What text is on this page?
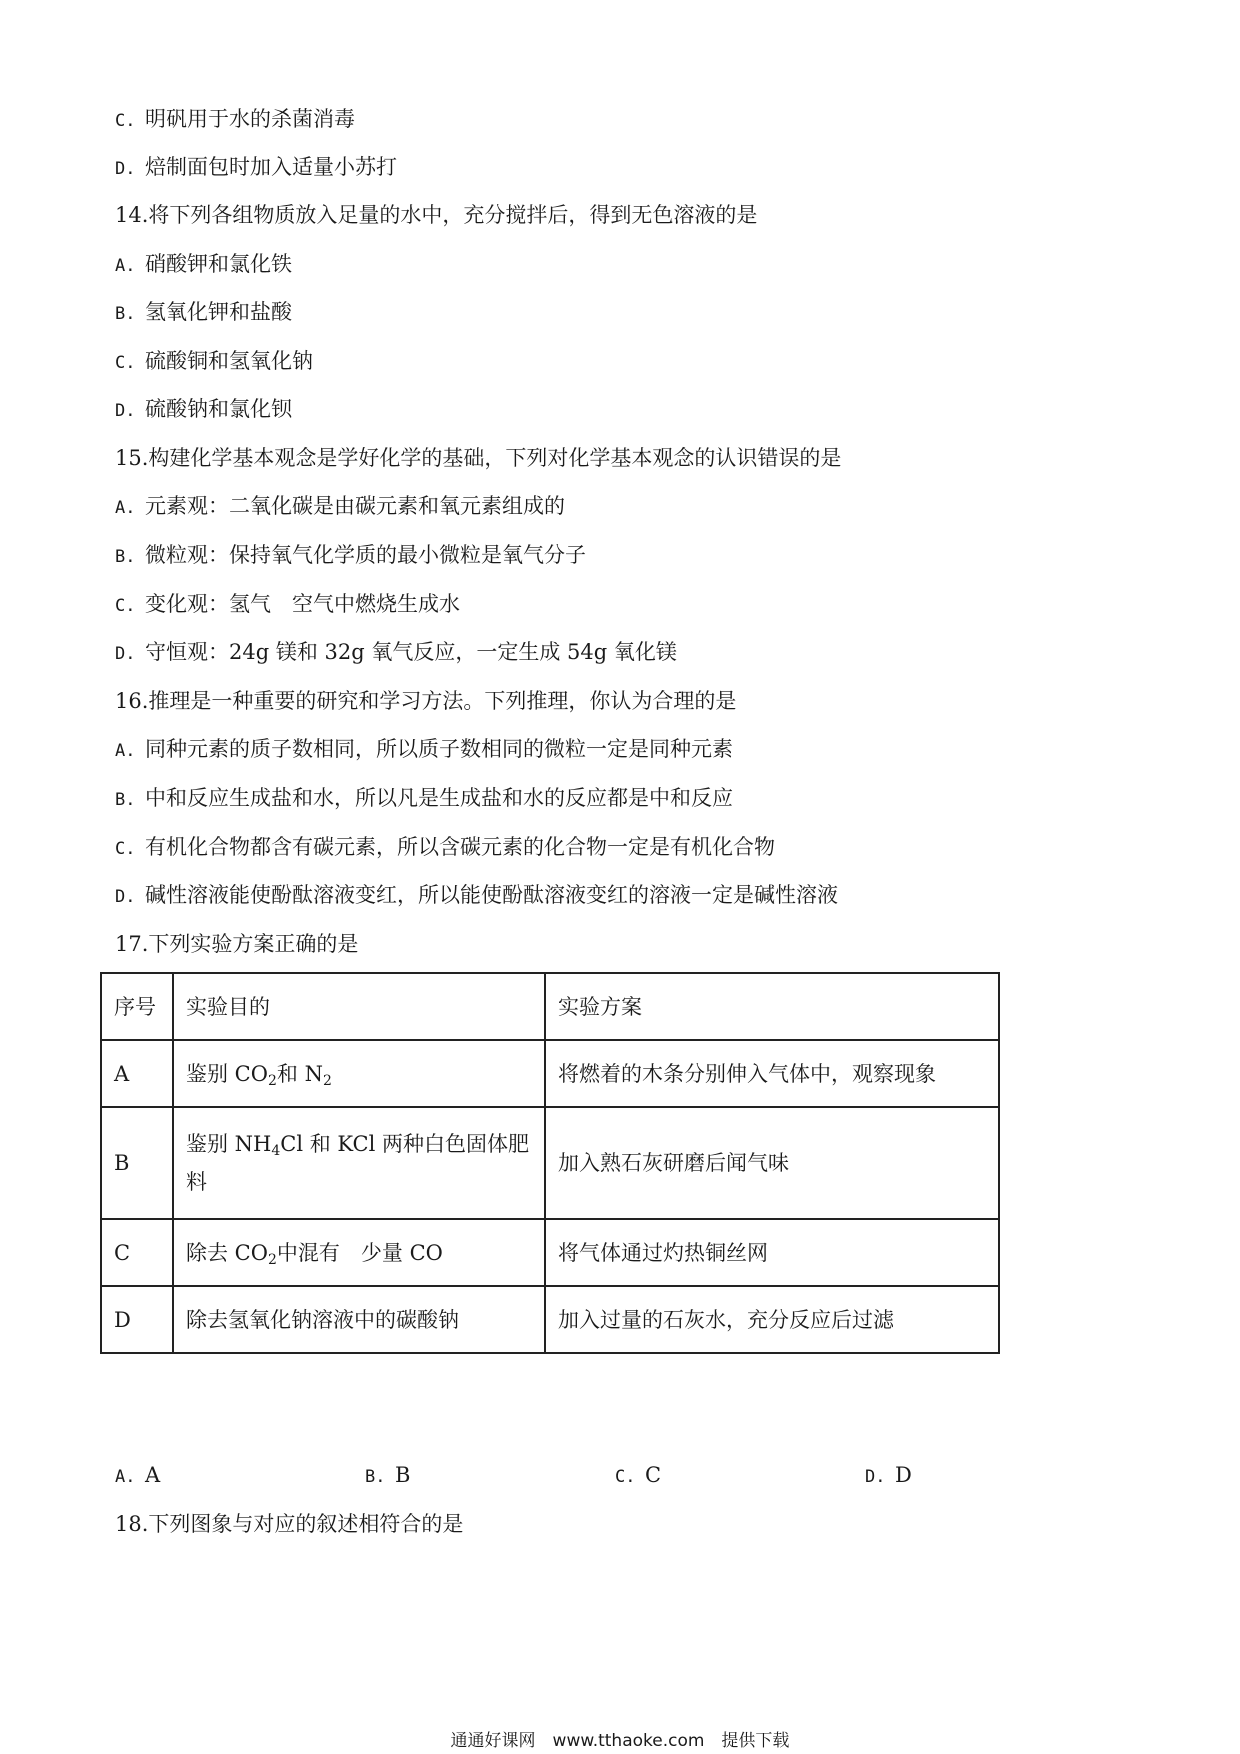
C. 明矾用于水的杀菌消毒
D. 焙制面包时加入适量小苏打
14.将下列各组物质放入足量的水中，充分搅拌后，得到无色溶液的是
A. 硝酸钾和氯化铁
B. 氢氧化钾和盐酸
C. 硫酸铜和氢氧化钠
D. 硫酸钠和氯化钡
15.构建化学基本观念是学好化学的基础，下列对化学基本观念的认识错误的是
A. 元素观：二氧化碳是由碳元素和氧元素组成的
B. 微粒观：保持氧气化学质的最小微粒是氧气分子
C. 变化观：氢气　空气中燃烧生成水
D. 守恒观：24g 镁和 32g 氧气反应，一定生成 54g 氧化镁
16.推理是一种重要的研究和学习方法。下列推理，你认为合理的是
A. 同种元素的质子数相同，所以质子数相同的微粒一定是同种元素
B. 中和反应生成盐和水，所以凡是生成盐和水的反应都是中和反应
C. 有机化合物都含有碳元素，所以含碳元素的化合物一定是有机化合物
D. 碱性溶液能使酚酞溶液变红，所以能使酚酞溶液变红的溶液一定是碱性溶液
17.下列实验方案正确的是
序号	实验目的	实验方案
A	鉴别 $CO_2$和 $N_2$	将燃着的木条分别伸入气体中，观察现象
B	鉴别 $NH_4Cl$ 和 KCl 两种白色固体肥料	加入熟石灰研磨后闻气味
C	除去 $CO_2$中混有　少量 CO	将气体通过灼热铜丝网
D	除去氢氧化钠溶液中的碳酸钠	加入过量的石灰水，充分反应后过滤
A. A	B. B	C. C	D. D
18.下列图象与对应的叙述相符合的是
通通好课网　www.tthaoke.com　提供下载
